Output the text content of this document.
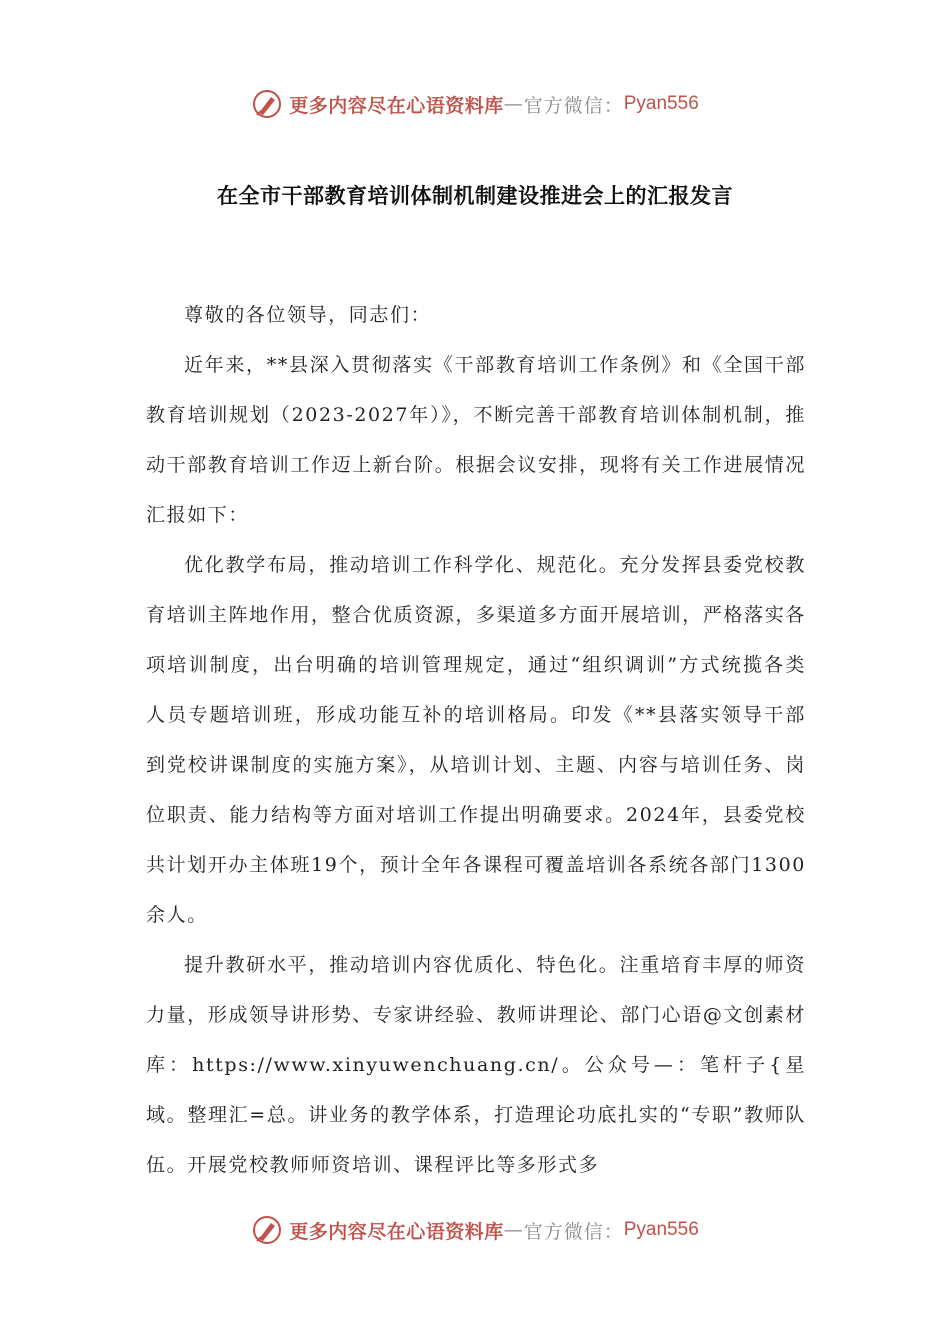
更多内容尽在心语资料库 — 官方微信： Pyan556
在全市干部教育培训体制机制建设推进会上的汇报发言

尊敬的各位领导，同志们：

近年来，**县深入贯彻落实《干部教育培训工作条例》和《全国干部教育培训规划（2023-2027年）》，不断完善干部教育培训体制机制，推动干部教育培训工作迈上新台阶。根据会议安排，现将有关工作进展情况汇报如下：

优化教学布局，推动培训工作科学化、规范化。充分发挥县委党校教育培训主阵地作用，整合优质资源，多渠道多方面开展培训，严格落实各项培训制度，出台明确的培训管理规定，通过“组织调训”方式统揽各类人员专题培训班，形成功能互补的培训格局。印发《**县落实领导干部到党校讲课制度的实施方案》，从培训计划、主题、内容与培训任务、岗位职责、能力结构等方面对培训工作提出明确要求。2024年，县委党校共计划开办主体班19个，预计全年各课程可覆盖培训各系统各部门1300余人。

提升教研水平，推动培训内容优质化、特色化。注重培育丰厚的师资力量，形成领导讲形势、专家讲经验、教师讲理论、部门心语@文创素材库：https://www.xinyuwenchuang.cn/。公众号—：笔杆子{星域。整理汇=总。讲业务的教学体系，打造理论功底扎实的“专职”教师队伍。开展党校教师师资培训、课程评比等多形式多

更多内容尽在心语资料库 — 官方微信： Pyan556
